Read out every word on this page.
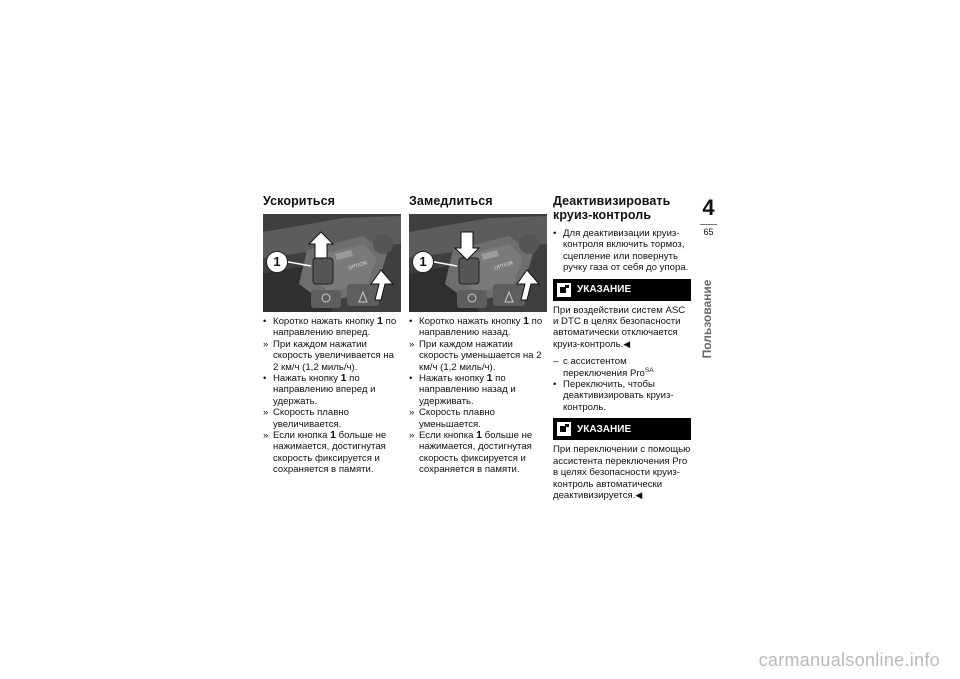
Ускориться
OPTION
1
• Коротко нажать кнопку 1 по направлению вперед.
» При каждом нажатии скорость увеличивается на 2 км/ч (1,2 миль/ч).
• Нажать кнопку 1 по направлению вперед и удержать.
» Скорость плавно увеличивается.
» Если кнопка 1 больше не нажимается, достигнутая скорость фиксируется и сохраняется в памяти.
Замедлиться
OPTION
1
• Коротко нажать кнопку 1 по направлению назад.
» При каждом нажатии скорость уменьшается на 2 км/ч (1,2 миль/ч).
• Нажать кнопку 1 по направлению назад и удерживать.
» Скорость плавно уменьшается.
» Если кнопка 1 больше не нажимается, достигнутая скорость фиксируется и сохраняется в памяти.
Деактивизировать круиз-контроль
• Для деактивизации круиз-контроля включить тормоз, сцепление или повернуть ручку газа от себя до упора.
УКАЗАНИЕ

При воздействии систем ASC и DTC в целях безопасности автоматически отключается круиз-контроль.◀

– с ассистентом переключения Pro$^{SA}$
• Переключить, чтобы деактивизировать круиз-контроль.
УКАЗАНИЕ

При переключении с помощью ассистента переключения Pro в целях безопасности круиз-контроль автоматически деактивизируется.◀

4
65
Пользование
carmanualsonline.info
